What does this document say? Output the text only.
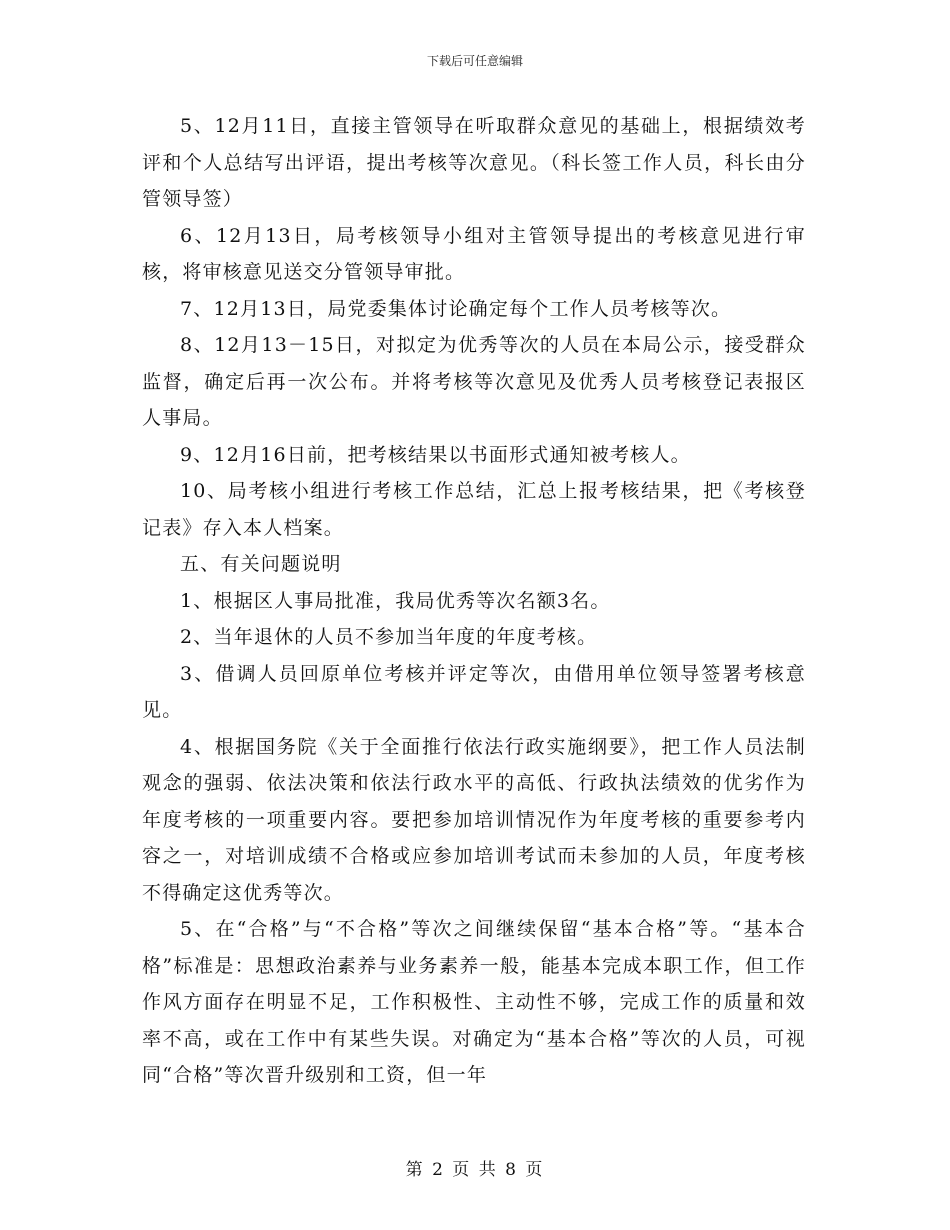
下载后可任意编辑

5、12月11日，直接主管领导在听取群众意见的基础上，根据绩效考评和个人总结写出评语，提出考核等次意见。（科长签工作人员，科长由分管领导签）

6、12月13日，局考核领导小组对主管领导提出的考核意见进行审核，将审核意见送交分管领导审批。

7、12月13日，局党委集体讨论确定每个工作人员考核等次。

8、12月13－15日，对拟定为优秀等次的人员在本局公示，接受群众监督，确定后再一次公布。并将考核等次意见及优秀人员考核登记表报区人事局。

9、12月16日前，把考核结果以书面形式通知被考核人。

10、局考核小组进行考核工作总结，汇总上报考核结果，把《考核登记表》存入本人档案。

五、有关问题说明

1、根据区人事局批准，我局优秀等次名额3名。

2、当年退休的人员不参加当年度的年度考核。

3、借调人员回原单位考核并评定等次，由借用单位领导签署考核意见。

4、根据国务院《关于全面推行依法行政实施纲要》，把工作人员法制观念的强弱、依法决策和依法行政水平的高低、行政执法绩效的优劣作为年度考核的一项重要内容。要把参加培训情况作为年度考核的重要参考内容之一，对培训成绩不合格或应参加培训考试而未参加的人员，年度考核不得确定这优秀等次。

5、在“合格”与“不合格”等次之间继续保留“基本合格”等。“基本合格”标准是：思想政治素养与业务素养一般，能基本完成本职工作，但工作作风方面存在明显不足，工作积极性、主动性不够，完成工作的质量和效率不高，或在工作中有某些失误。对确定为“基本合格”等次的人员，可视同“合格”等次晋升级别和工资，但一年

第 2 页 共 8 页
